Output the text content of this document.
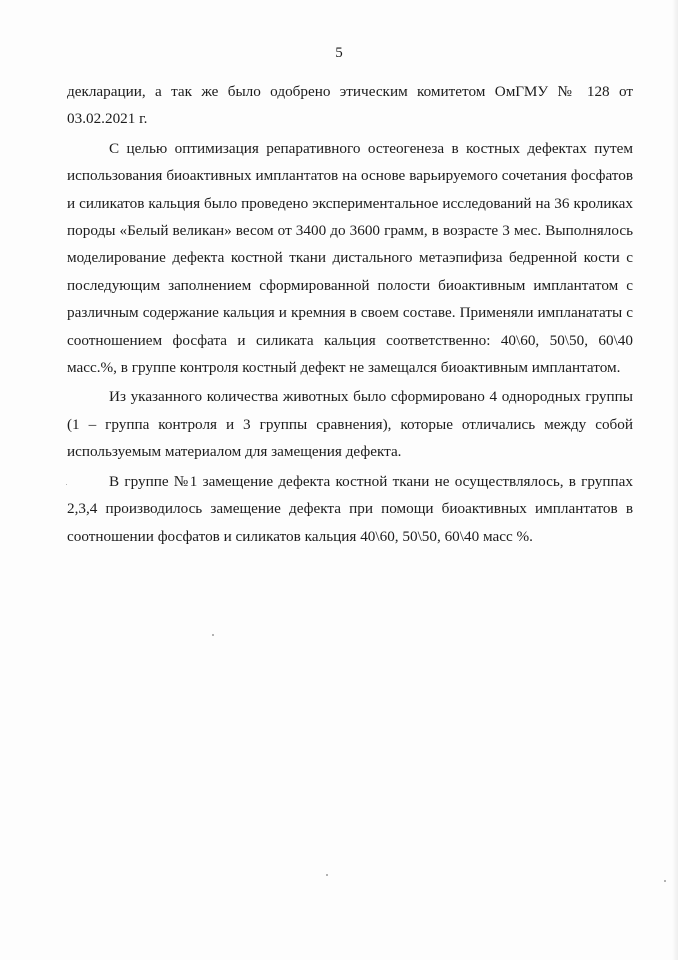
5

декларации, а так же было одобрено этическим комитетом ОмГМУ № 128 от 03.02.2021 г.

С целью оптимизация репаративного остеогенеза в костных дефектах путем использования биоактивных имплантатов на основе варьируемого сочетания фосфатов и силикатов кальция было проведено экспериментальное исследований на 36 кроликах породы «Белый великан» весом от 3400 до 3600 грамм, в возрасте 3 мес. Выполнялось моделирование дефекта костной ткани дистального метаэпифиза бедренной кости с последующим заполнением сформированной полости биоактивным имплантатом с различным содержание кальция и кремния в своем составе. Применяли импланататы с соотношением фосфата и силиката кальция соответственно: 40\60, 50\50, 60\40 масс.%, в группе контроля костный дефект не замещался биоактивным имплантатом.

Из указанного количества животных было сформировано 4 однородных группы (1 – группа контроля и 3 группы сравнения), которые отличались между собой используемым материалом для замещения дефекта.

В группе №1 замещение дефекта костной ткани не осуществлялось, в группах 2,3,4 производилось замещение дефекта при помощи биоактивных имплантатов в соотношении фосфатов и силикатов кальция 40\60, 50\50, 60\40 масс %.
